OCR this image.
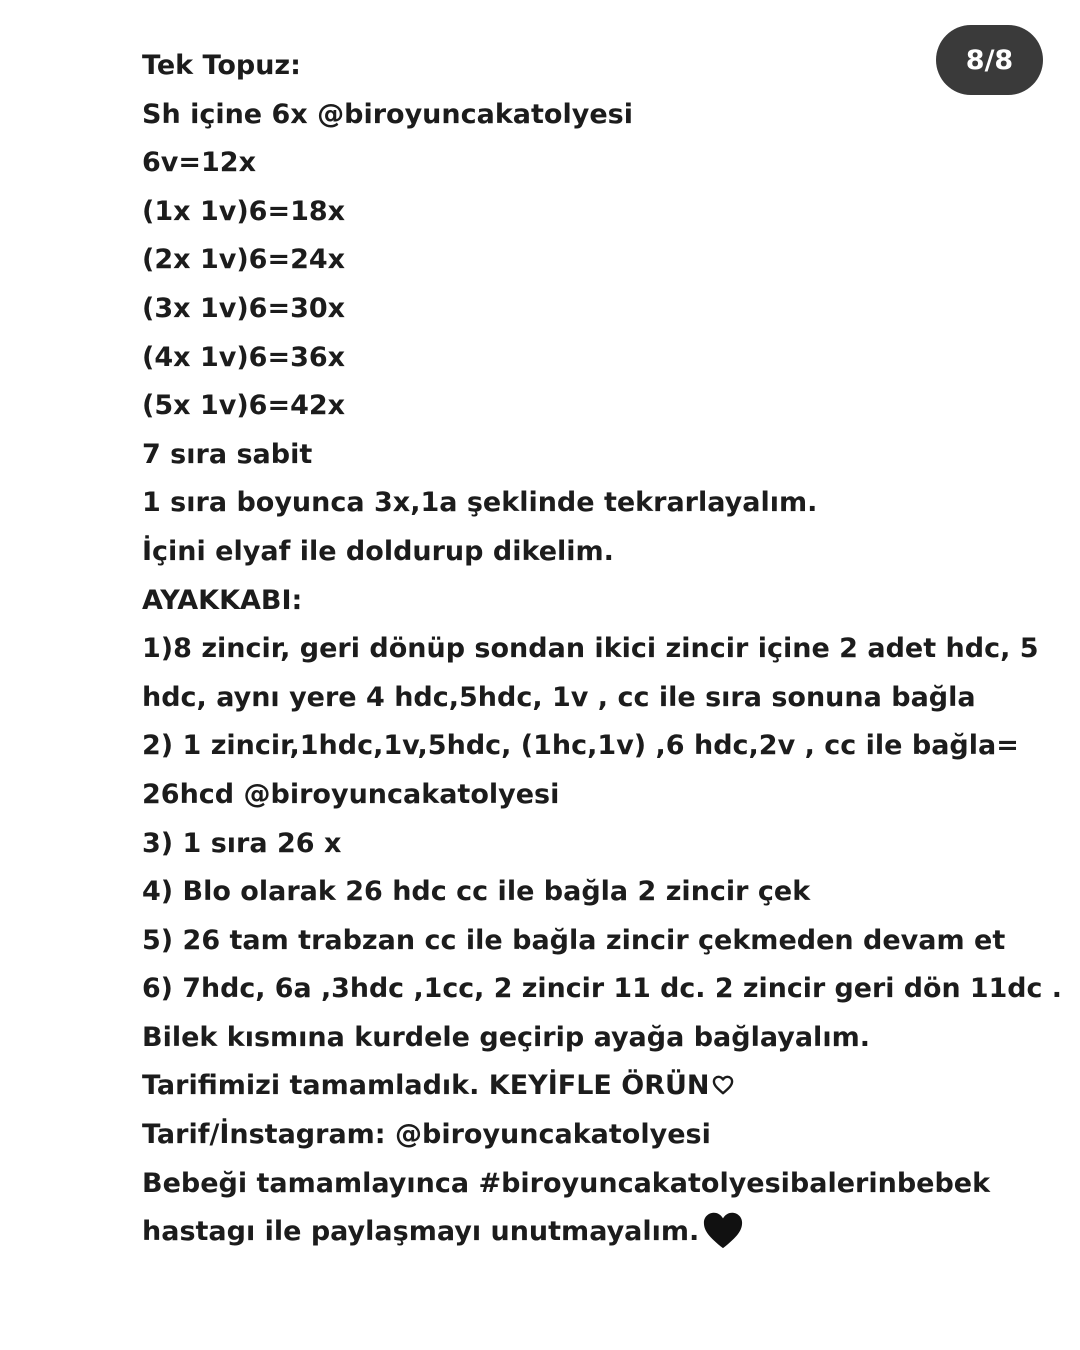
8/8
Tek Topuz:
Sh içine 6x @biroyuncakatolyesi
6v=12x
(1x 1v)6=18x
(2x 1v)6=24x
(3x 1v)6=30x
(4x 1v)6=36x
(5x 1v)6=42x
7 sıra sabit
1 sıra boyunca 3x,1a şeklinde tekrarlayalım.
İçini elyaf ile doldurup dikelim.
AYAKKABI:
1)8 zincir, geri dönüp sondan ikici zincir içine 2 adet hdc, 5
hdc, aynı yere 4 hdc,5hdc, 1v , cc ile sıra sonuna bağla
2) 1 zincir,1hdc,1v,5hdc, (1hc,1v) ,6 hdc,2v , cc ile bağla=
26hcd @biroyuncakatolyesi
3) 1 sıra 26 x
4) Blo olarak 26 hdc cc ile bağla 2 zincir çek
5) 26 tam trabzan cc ile bağla zincir çekmeden devam et
6) 7hdc, 6a ,3hdc ,1cc, 2 zincir 11 dc. 2 zincir geri dön 11dc .
Bilek kısmına kurdele geçirip ayağa bağlayalım.
Tarifimizi tamamladık. KEYİFLE ÖRÜN
Tarif/İnstagram: @biroyuncakatolyesi
Bebeği tamamlayınca #biroyuncakatolyesibalerinbebek
hastagı ile paylaşmayı unutmayalım.
